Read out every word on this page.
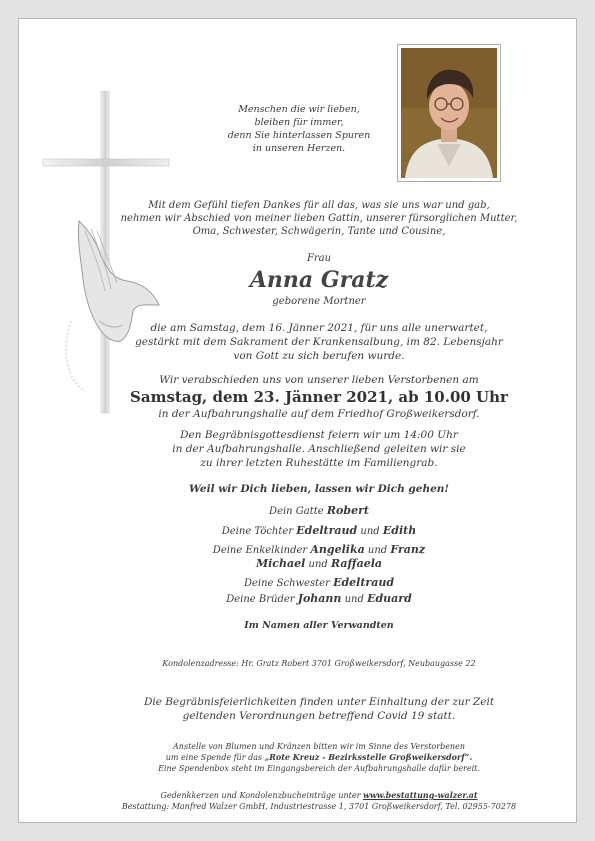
Menschen die wir lieben,
bleiben für immer,
denn Sie hinterlassen Spuren
in unseren Herzen.
Mit dem Gefühl tiefen Dankes für all das, was sie uns war und gab,
nehmen wir Abschied von meiner lieben Gattin, unserer fürsorglichen Mutter,
Oma, Schwester, Schwägerin, Tante und Cousine,
Frau
Anna Gratz
geborene Mortner
die am Samstag, dem 16. Jänner 2021, für uns alle unerwartet,
gestärkt mit dem Sakrament der Krankensalbung, im 82. Lebensjahr
von Gott zu sich berufen wurde.
Wir verabschieden uns von unserer lieben Verstorbenen am
Samstag, dem 23. Jänner 2021, ab 10.00 Uhr
in der Aufbahrungshalle auf dem Friedhof Großweikersdorf.
Den Begräbnisgottesdienst feiern wir um 14:00 Uhr
in der Aufbahrungshalle. Anschließend geleiten wir sie
zu ihrer letzten Ruhestätte im Familiengrab.
Weil wir Dich lieben, lassen wir Dich gehen!
Dein Gatte Robert
Deine Töchter Edeltraud und Edith
Deine Enkelkinder Angelika und Franz
Michael und Raffaela
Deine Schwester Edeltraud
Deine Brüder Johann und Eduard
Im Namen aller Verwandten
Kondolenzadresse: Hr. Gratz Robert 3701 Großweikersdorf, Neubaugasse 22
Die Begräbnisfeierlichkeiten finden unter Einhaltung der zur Zeit
geltenden Verordnungen betreffend Covid 19 statt.
Anstelle von Blumen und Kränzen bitten wir im Sinne des Verstorbenen
um eine Spende für das „Rote Kreuz - Bezirksstelle Großweikersdorf“.
Eine Spendenbox steht im Eingangsbereich der Aufbahrungshalle dafür bereit.
Gedenkkerzen und Kondolenzbucheinträge unter www.bestattung-walzer.at
Bestattung: Manfred Walzer GmbH, Industriestrasse 1, 3701 Großweikersdorf, Tel. 02955-70278
